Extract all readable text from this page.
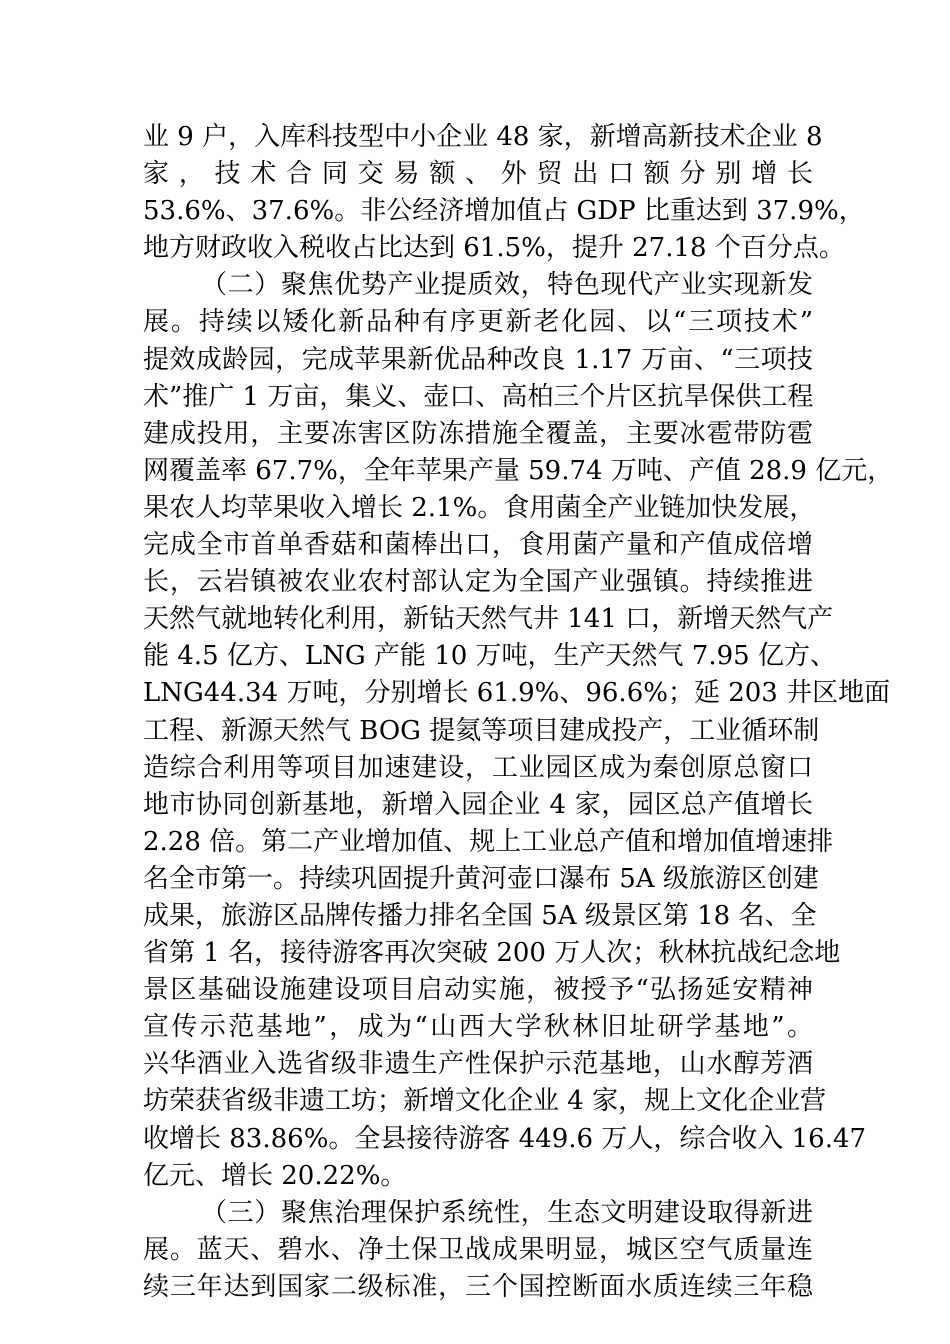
业 9 户，入库科技型中小企业 48 家，新增高新技术企业 8
家 ， 技 术 合 同 交 易 额 、 外 贸 出 口 额 分 别 增 长
53.6%、37.6%。非公经济增加值占 GDP 比重达到 37.9%，
地方财政收入税收占比达到 61.5%，提升 27.18 个百分点。
（二）聚焦优势产业提质效，特色现代产业实现新发
展。持续以矮化新品种有序更新老化园、以“三项技术”
提效成龄园，完成苹果新优品种改良 1.17 万亩、“三项技
术”推广 1 万亩，集义、壶口、高柏三个片区抗旱保供工程
建成投用，主要冻害区防冻措施全覆盖，主要冰雹带防雹
网覆盖率 67.7%，全年苹果产量 59.74 万吨、产值 28.9 亿元，
果农人均苹果收入增长 2.1%。食用菌全产业链加快发展，
完成全市首单香菇和菌棒出口，食用菌产量和产值成倍增
长，云岩镇被农业农村部认定为全国产业强镇。持续推进
天然气就地转化利用，新钻天然气井 141 口，新增天然气产
能 4.5 亿方、LNG 产能 10 万吨，生产天然气 7.95 亿方、
LNG44.34 万吨，分别增长 61.9%、96.6%；延 203 井区地面
工程、新源天然气 BOG 提氦等项目建成投产，工业循环制
造综合利用等项目加速建设，工业园区成为秦创原总窗口
地市协同创新基地，新增入园企业 4 家，园区总产值增长
2.28 倍。第二产业增加值、规上工业总产值和增加值增速排
名全市第一。持续巩固提升黄河壶口瀑布 5A 级旅游区创建
成果，旅游区品牌传播力排名全国 5A 级景区第 18 名、全
省第 1 名，接待游客再次突破 200 万人次；秋林抗战纪念地
景区基础设施建设项目启动实施，被授予“弘扬延安精神
宣传示范基地”，成为“山西大学秋林旧址研学基地”。
兴华酒业入选省级非遗生产性保护示范基地，山水醇芳酒
坊荣获省级非遗工坊；新增文化企业 4 家，规上文化企业营
收增长 83.86%。全县接待游客 449.6 万人，综合收入 16.47
亿元、增长 20.22%。
（三）聚焦治理保护系统性，生态文明建设取得新进
展。蓝天、碧水、净土保卫战成果明显，城区空气质量连
续三年达到国家二级标准，三个国控断面水质连续三年稳
